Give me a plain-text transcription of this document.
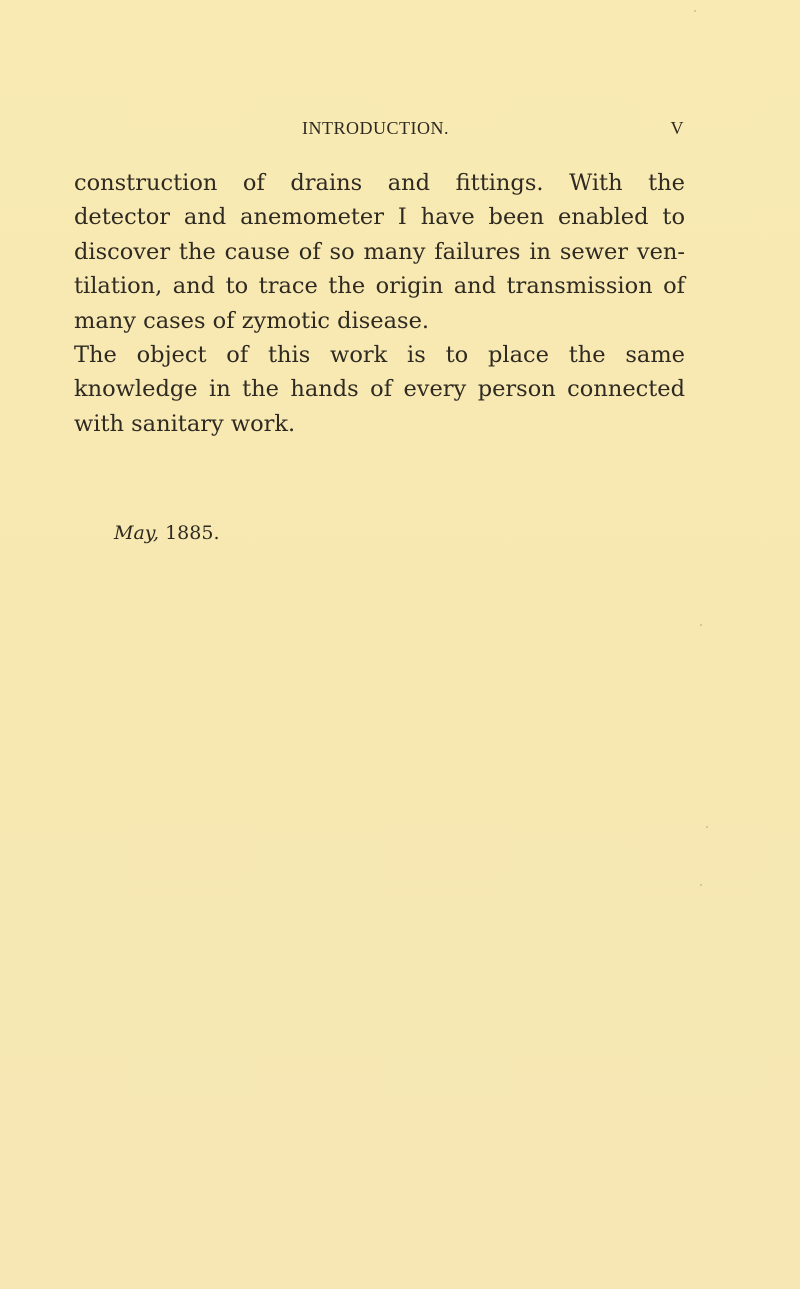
INTRODUCTION.	V
construction of drains and fittings. With the
detector and anemometer I have been enabled to
discover the cause of so many failures in sewer ven-
tilation, and to trace the origin and transmission of
many cases of zymotic disease.
The object of this work is to place the same
knowledge in the hands of every person connected
with sanitary work.
May, 1885.
